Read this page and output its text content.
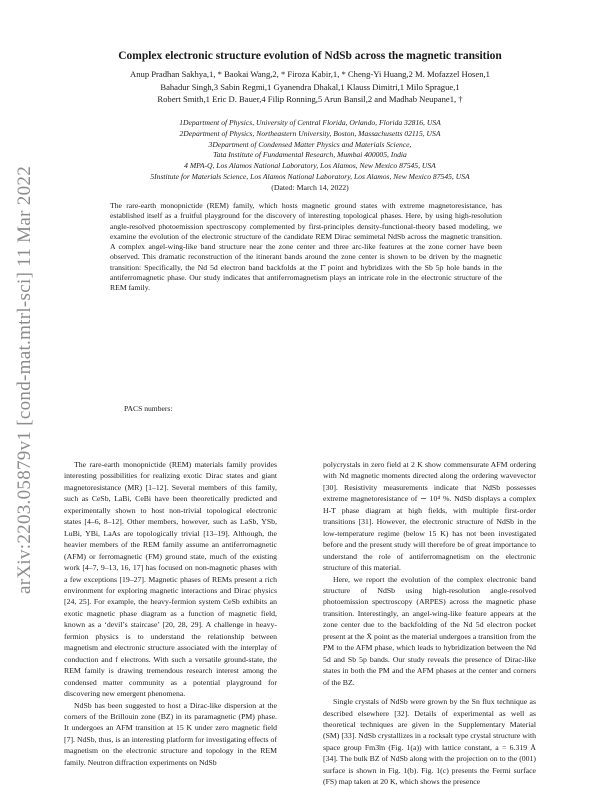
arXiv:2203.05879v1 [cond-mat.mtrl-sci] 11 Mar 2022
Complex electronic structure evolution of NdSb across the magnetic transition
Anup Pradhan Sakhya,1, * Baokai Wang,2, * Firoza Kabir,1, * Cheng-Yi Huang,2 M. Mofazzel Hosen,1
Bahadur Singh,3 Sabin Regmi,1 Gyanendra Dhakal,1 Klauss Dimitri,1 Milo Sprague,1
Robert Smith,1 Eric D. Bauer,4 Filip Ronning,5 Arun Bansil,2 and Madhab Neupane1, †
1Department of Physics, University of Central Florida, Orlando, Florida 32816, USA
2Department of Physics, Northeastern University, Boston, Massachusetts 02115, USA
3Department of Condensed Matter Physics and Materials Science,
Tata Institute of Fundamental Research, Mumbai 400005, India
4 MPA-Q, Los Alamos National Laboratory, Los Alamos, New Mexico 87545, USA
5Institute for Materials Science, Los Alamos National Laboratory, Los Alamos, New Mexico 87545, USA
(Dated: March 14, 2022)
The rare-earth monopnictide (REM) family, which hosts magnetic ground states with extreme magnetoresistance, has established itself as a fruitful playground for the discovery of interesting topological phases. Here, by using high-resolution angle-resolved photoemission spectroscopy complemented by first-principles density-functional-theory based modeling, we examine the evolution of the electronic structure of the candidate REM Dirac semimetal NdSb across the magnetic transition. A complex angel-wing-like band structure near the zone center and three arc-like features at the zone corner have been observed. This dramatic reconstruction of the itinerant bands around the zone center is shown to be driven by the magnetic transition: Specifically, the Nd 5d electron band backfolds at the Γ̄ point and hybridizes with the Sb 5p hole bands in the antiferromagnetic phase. Our study indicates that antiferromagnetism plays an intricate role in the electronic structure of the REM family.
PACS numbers:

The rare-earth monopnictide (REM) materials family provides interesting possibilities for realizing exotic Dirac states and giant magnetoresistance (MR) [1–12]. Several members of this family, such as CeSb, LaBi, CeBi have been theoretically predicted and experimentally shown to host non-trivial topological electronic states [4–6, 8–12]. Other members, however, such as LaSb, YSb, LuBi, YBi, LaAs are topologically trivial [13–19]. Although, the heavier members of the REM family assume an antiferromagnetic (AFM) or ferromagnetic (FM) ground state, much of the existing work [4–7, 9–13, 16, 17] has focused on non-magnetic phases with a few exceptions [19–27]. Magnetic phases of REMs present a rich environment for exploring magnetic interactions and Dirac physics [24, 25]. For example, the heavy-fermion system CeSb exhibits an exotic magnetic phase diagram as a function of magnetic field, known as a ‘devil’s staircase’ [20, 28, 29]. A challenge in heavy-fermion physics is to understand the relationship between magnetism and electronic structure associated with the interplay of conduction and f electrons. With such a versatile ground-state, the REM family is drawing tremendous research interest among the condensed matter community as a potential playground for discovering new emergent phenomena.

NdSb has been suggested to host a Dirac-like dispersion at the corners of the Brillouin zone (BZ) in its paramagnetic (PM) phase. It undergoes an AFM transition at 15 K under zero magnetic field [7]. NdSb, thus, is an interesting platform for investigating effects of magnetism on the electronic structure and topology in the REM family. Neutron diffraction experiments on NdSb

polycrystals in zero field at 2 K show commensurate AFM ordering with Nd magnetic moments directed along the ordering wavevector [30]. Resistivity measurements indicate that NdSb possesses extreme magnetoresistance of ∼ 10⁴ %. NdSb displays a complex H-T phase diagram at high fields, with multiple first-order transitions [31]. However, the electronic structure of NdSb in the low-temperature regime (below 15 K) has not been investigated before and the present study will therefore be of great importance to understand the role of antiferromagnetism on the electronic structure of this material.

Here, we report the evolution of the complex electronic band structure of NdSb using high-resolution angle-resolved photoemission spectroscopy (ARPES) across the magnetic phase transition. Interestingly, an angel-wing-like feature appears at the zone center due to the backfolding of the Nd 5d electron pocket present at the X̄ point as the material undergoes a transition from the PM to the AFM phase, which leads to hybridization between the Nd 5d and Sb 5p bands. Our study reveals the presence of Dirac-like states in both the PM and the AFM phases at the center and corners of the BZ.

Single crystals of NdSb were grown by the Sn flux technique as described elsewhere [32]. Details of experimental as well as theoretical techniques are given in the Supplementary Material (SM) [33]. NdSb crystallizes in a rocksalt type crystal structure with space group Fm3̄m (Fig. 1(a)) with lattice constant, a = 6.319 Å [34]. The bulk BZ of NdSb along with the projection on to the (001) surface is shown in Fig. 1(b). Fig. 1(c) presents the Fermi surface (FS) map taken at 20 K, which shows the presence
